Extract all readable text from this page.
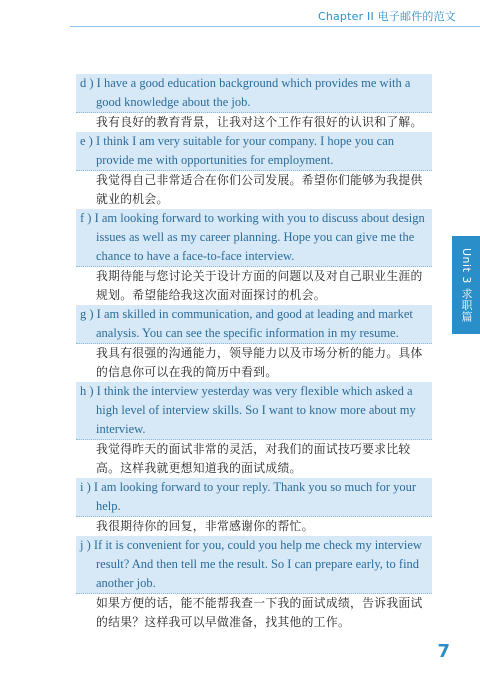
Chapter II 电子邮件的范文
d ) I have a good education background which provides me with a good knowledge about the job.
我有良好的教育背景，让我对这个工作有很好的认识和了解。
e ) I think I am very suitable for your company. I hope you can provide me with opportunities for employment.
我觉得自己非常适合在你们公司发展。希望你们能够为我提供就业的机会。
f ) I am looking forward to working with you to discuss about design issues as well as my career planning. Hope you can give me the chance to have a face-to-face interview.
我期待能与您讨论关于设计方面的问题以及对自己职业生涯的规划。希望能给我这次面对面探讨的机会。
g ) I am skilled in communication, and good at leading and market analysis. You can see the specific information in my resume.
我具有很强的沟通能力，领导能力以及市场分析的能力。具体的信息你可以在我的简历中看到。
h ) I think the interview yesterday was very flexible which asked a high level of interview skills. So I want to know more about my interview.
我觉得昨天的面试非常的灵活，对我们的面试技巧要求比较高。这样我就更想知道我的面试成绩。
i ) I am looking forward to your reply. Thank you so much for your help.
我很期待你的回复，非常感谢你的帮忙。
j ) If it is convenient for you, could you help me check my interview result? And then tell me the result. So I can prepare early, to find another job.
如果方便的话，能不能帮我查一下我的面试成绩，告诉我面试的结果？这样我可以早做准备，找其他的工作。
Unit 3 求职篇
7
